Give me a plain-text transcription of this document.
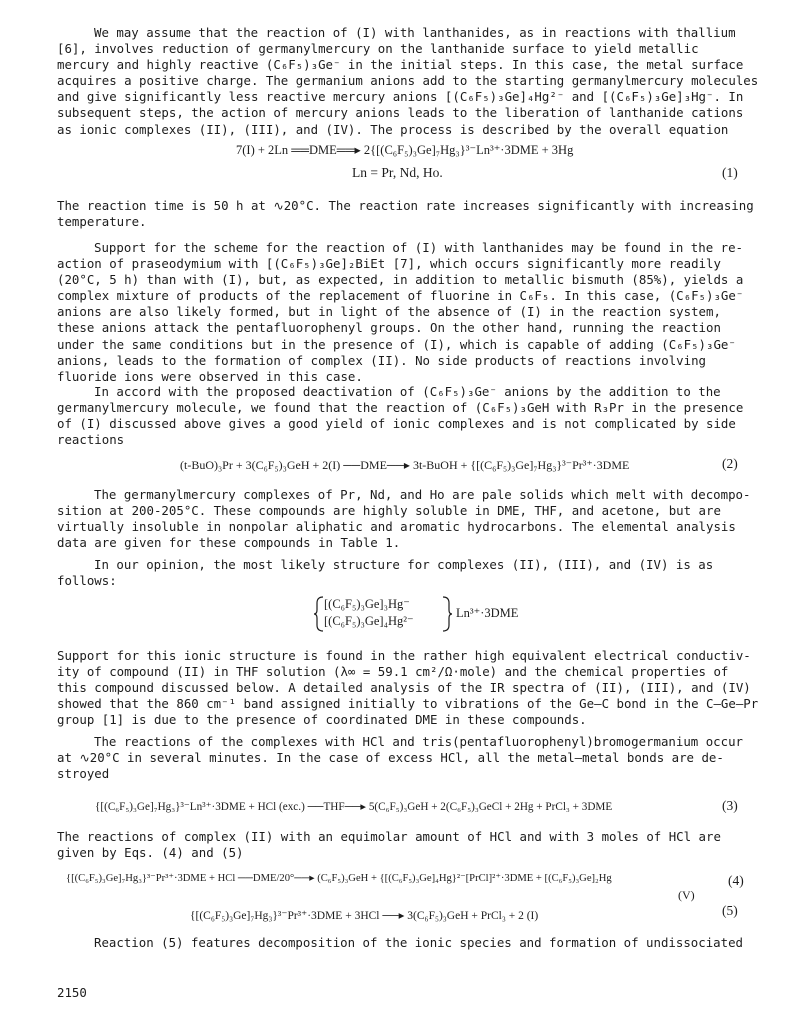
We may assume that the reaction of (I) with lanthanides, as in reactions with thallium
[6], involves reduction of germanylmercury on the lanthanide surface to yield metallic
mercury and highly reactive (C₆F₅)₃Ge⁻ in the initial steps. In this case, the metal surface
acquires a positive charge. The germanium anions add to the starting germanylmercury molecules
and give significantly less reactive mercury anions [(C₆F₅)₃Ge]₄Hg²⁻ and [(C₆F₅)₃Ge]₃Hg⁻. In
subsequent steps, the action of mercury anions leads to the liberation of lanthanide cations
as ionic complexes (II), (III), and (IV). The process is described by the overall equation
7(I) + 2Ln ══DME══▸ 2{[(C₆F₅)₃Ge]₇Hg₃}³⁻Ln³⁺·3DME + 3Hg
Ln = Pr, Nd, Ho.	(1)
The reaction time is 50 h at ∿20°C. The reaction rate increases significantly with increasing
temperature.
Support for the scheme for the reaction of (I) with lanthanides may be found in the re-
action of praseodymium with [(C₆F₅)₃Ge]₂BiEt [7], which occurs significantly more readily
(20°C, 5 h) than with (I), but, as expected, in addition to metallic bismuth (85%), yields a
complex mixture of products of the replacement of fluorine in C₆F₅. In this case, (C₆F₅)₃Ge⁻
anions are also likely formed, but in light of the absence of (I) in the reaction system,
these anions attack the pentafluorophenyl groups. On the other hand, running the reaction
under the same conditions but in the presence of (I), which is capable of adding (C₆F₅)₃Ge⁻
anions, leads to the formation of complex (II). No side products of reactions involving
fluoride ions were observed in this case.
In accord with the proposed deactivation of (C₆F₅)₃Ge⁻ anions by the addition to the
germanylmercury molecule, we found that the reaction of (C₆F₅)₃GeH with R₃Pr in the presence
of (I) discussed above gives a good yield of ionic complexes and is not complicated by side
reactions
(t-BuO)₃Pr + 3(C₆F₅)₃GeH + 2(I) ──DME──▸ 3t-BuOH + {[(C₆F₅)₃Ge]₇Hg₃}³⁻Pr³⁺·3DME	(2)
The germanylmercury complexes of Pr, Nd, and Ho are pale solids which melt with decompo-
sition at 200-205°C. These compounds are highly soluble in DME, THF, and acetone, but are
virtually insoluble in nonpolar aliphatic and aromatic hydrocarbons. The elemental analysis
data are given for these compounds in Table 1.
In our opinion, the most likely structure for complexes (II), (III), and (IV) is as
follows:
[(C₆F₅)₃Ge]₃Hg⁻
[(C₆F₅)₃Ge]₄Hg²⁻
Ln³⁺·3DME
Support for this ionic structure is found in the rather high equivalent electrical conductiv-
ity of compound (II) in THF solution (λ∞ = 59.1 cm²/Ω·mole) and the chemical properties of
this compound discussed below. A detailed analysis of the IR spectra of (II), (III), and (IV)
showed that the 860 cm⁻¹ band assigned initially to vibrations of the Ge–C bond in the C–Ge–Pr
group [1] is due to the presence of coordinated DME in these compounds.
The reactions of the complexes with HCl and tris(pentafluorophenyl)bromogermanium occur
at ∿20°C in several minutes. In the case of excess HCl, all the metal–metal bonds are de-
stroyed
{[(C₆F₅)₃Ge]₇Hg₃}³⁻Ln³⁺·3DME + HCl (exc.) ──THF──▸ 5(C₆F₅)₃GeH + 2(C₆F₅)₃GeCl + 2Hg + PrCl₃ + 3DME	(3)
The reactions of complex (II) with an equimolar amount of HCl and with 3 moles of HCl are
given by Eqs. (4) and (5)
{[(C₆F₅)₃Ge]₇Hg₃}³⁻Pr³⁺·3DME + HCl ──DME/20°──▸ (C₆F₅)₃GeH + {[(C₆F₅)₃Ge]₄Hg}²⁻[PrCl]²⁺·3DME + [(C₆F₅)₃Ge]₂Hg
(V)
(4)
{[(C₆F₅)₃Ge]₇Hg₃}³⁻Pr³⁺·3DME + 3HCl ──▸ 3(C₆F₅)₃GeH + PrCl₃ + 2 (I)	(5)
Reaction (5) features decomposition of the ionic species and formation of undissociated
2150
